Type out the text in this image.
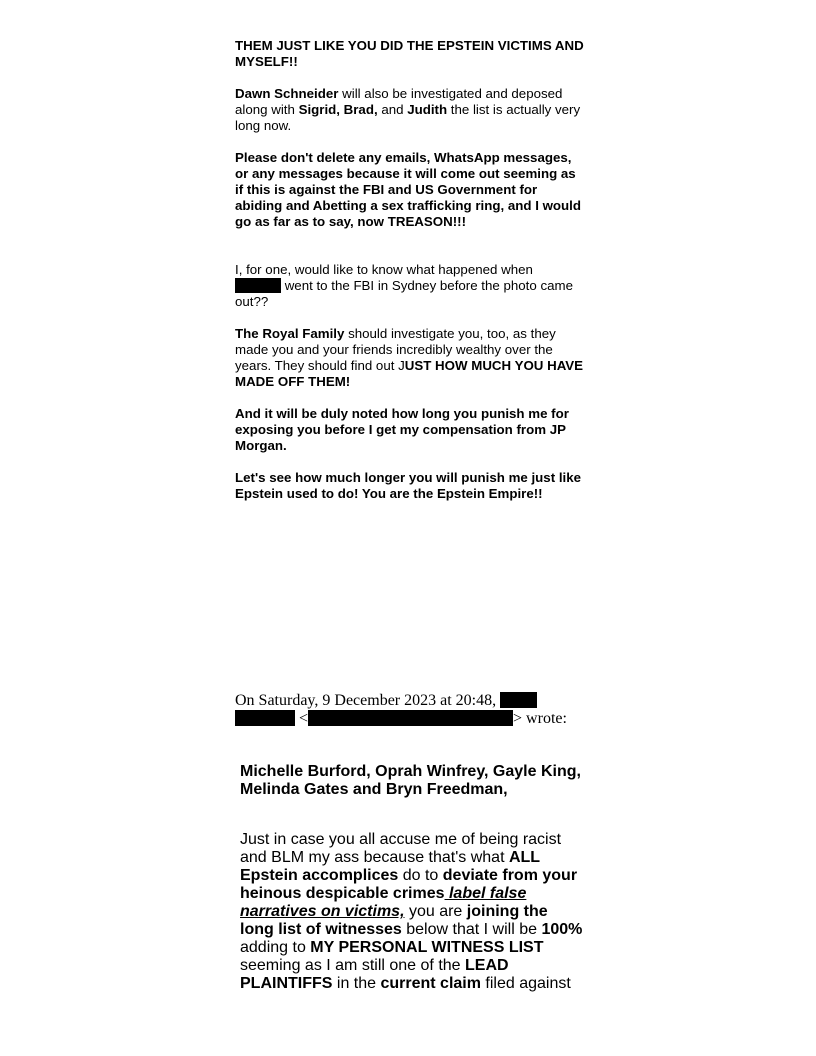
THEM JUST LIKE YOU DID THE EPSTEIN VICTIMS AND MYSELF!!

Dawn Schneider will also be investigated and deposed along with Sigrid, Brad, and Judith the list is actually very long now.

Please don't delete any emails, WhatsApp messages, or any messages because it will come out seeming as if this is against the FBI and US Government for abiding and Abetting a sex trafficking ring, and I would go as far as to say, now TREASON!!!

I, for one, would like to know what happened when
went to the FBI in Sydney before the photo came out??

The Royal Family should investigate you, too, as they made you and your friends incredibly wealthy over the years. They should find out JUST HOW MUCH YOU HAVE MADE OFF THEM!

And it will be duly noted how long you punish me for exposing you before I get my compensation from JP Morgan.

Let's see how much longer you will punish me just like Epstein used to do! You are the Epstein Empire!!

On Saturday, 9 December 2023 at 20:48,
<	> wrote:

Michelle Burford, Oprah Winfrey, Gayle King, Melinda Gates and Bryn Freedman,

Just in case you all accuse me of being racist and BLM my ass because that's what ALL Epstein accomplices do to deviate from your heinous despicable crimes label false narratives on victims, you are joining the long list of witnesses below that I will be 100% adding to MY PERSONAL WITNESS LIST seeming as I am still one of the LEAD PLAINTIFFS in the current claim filed against
